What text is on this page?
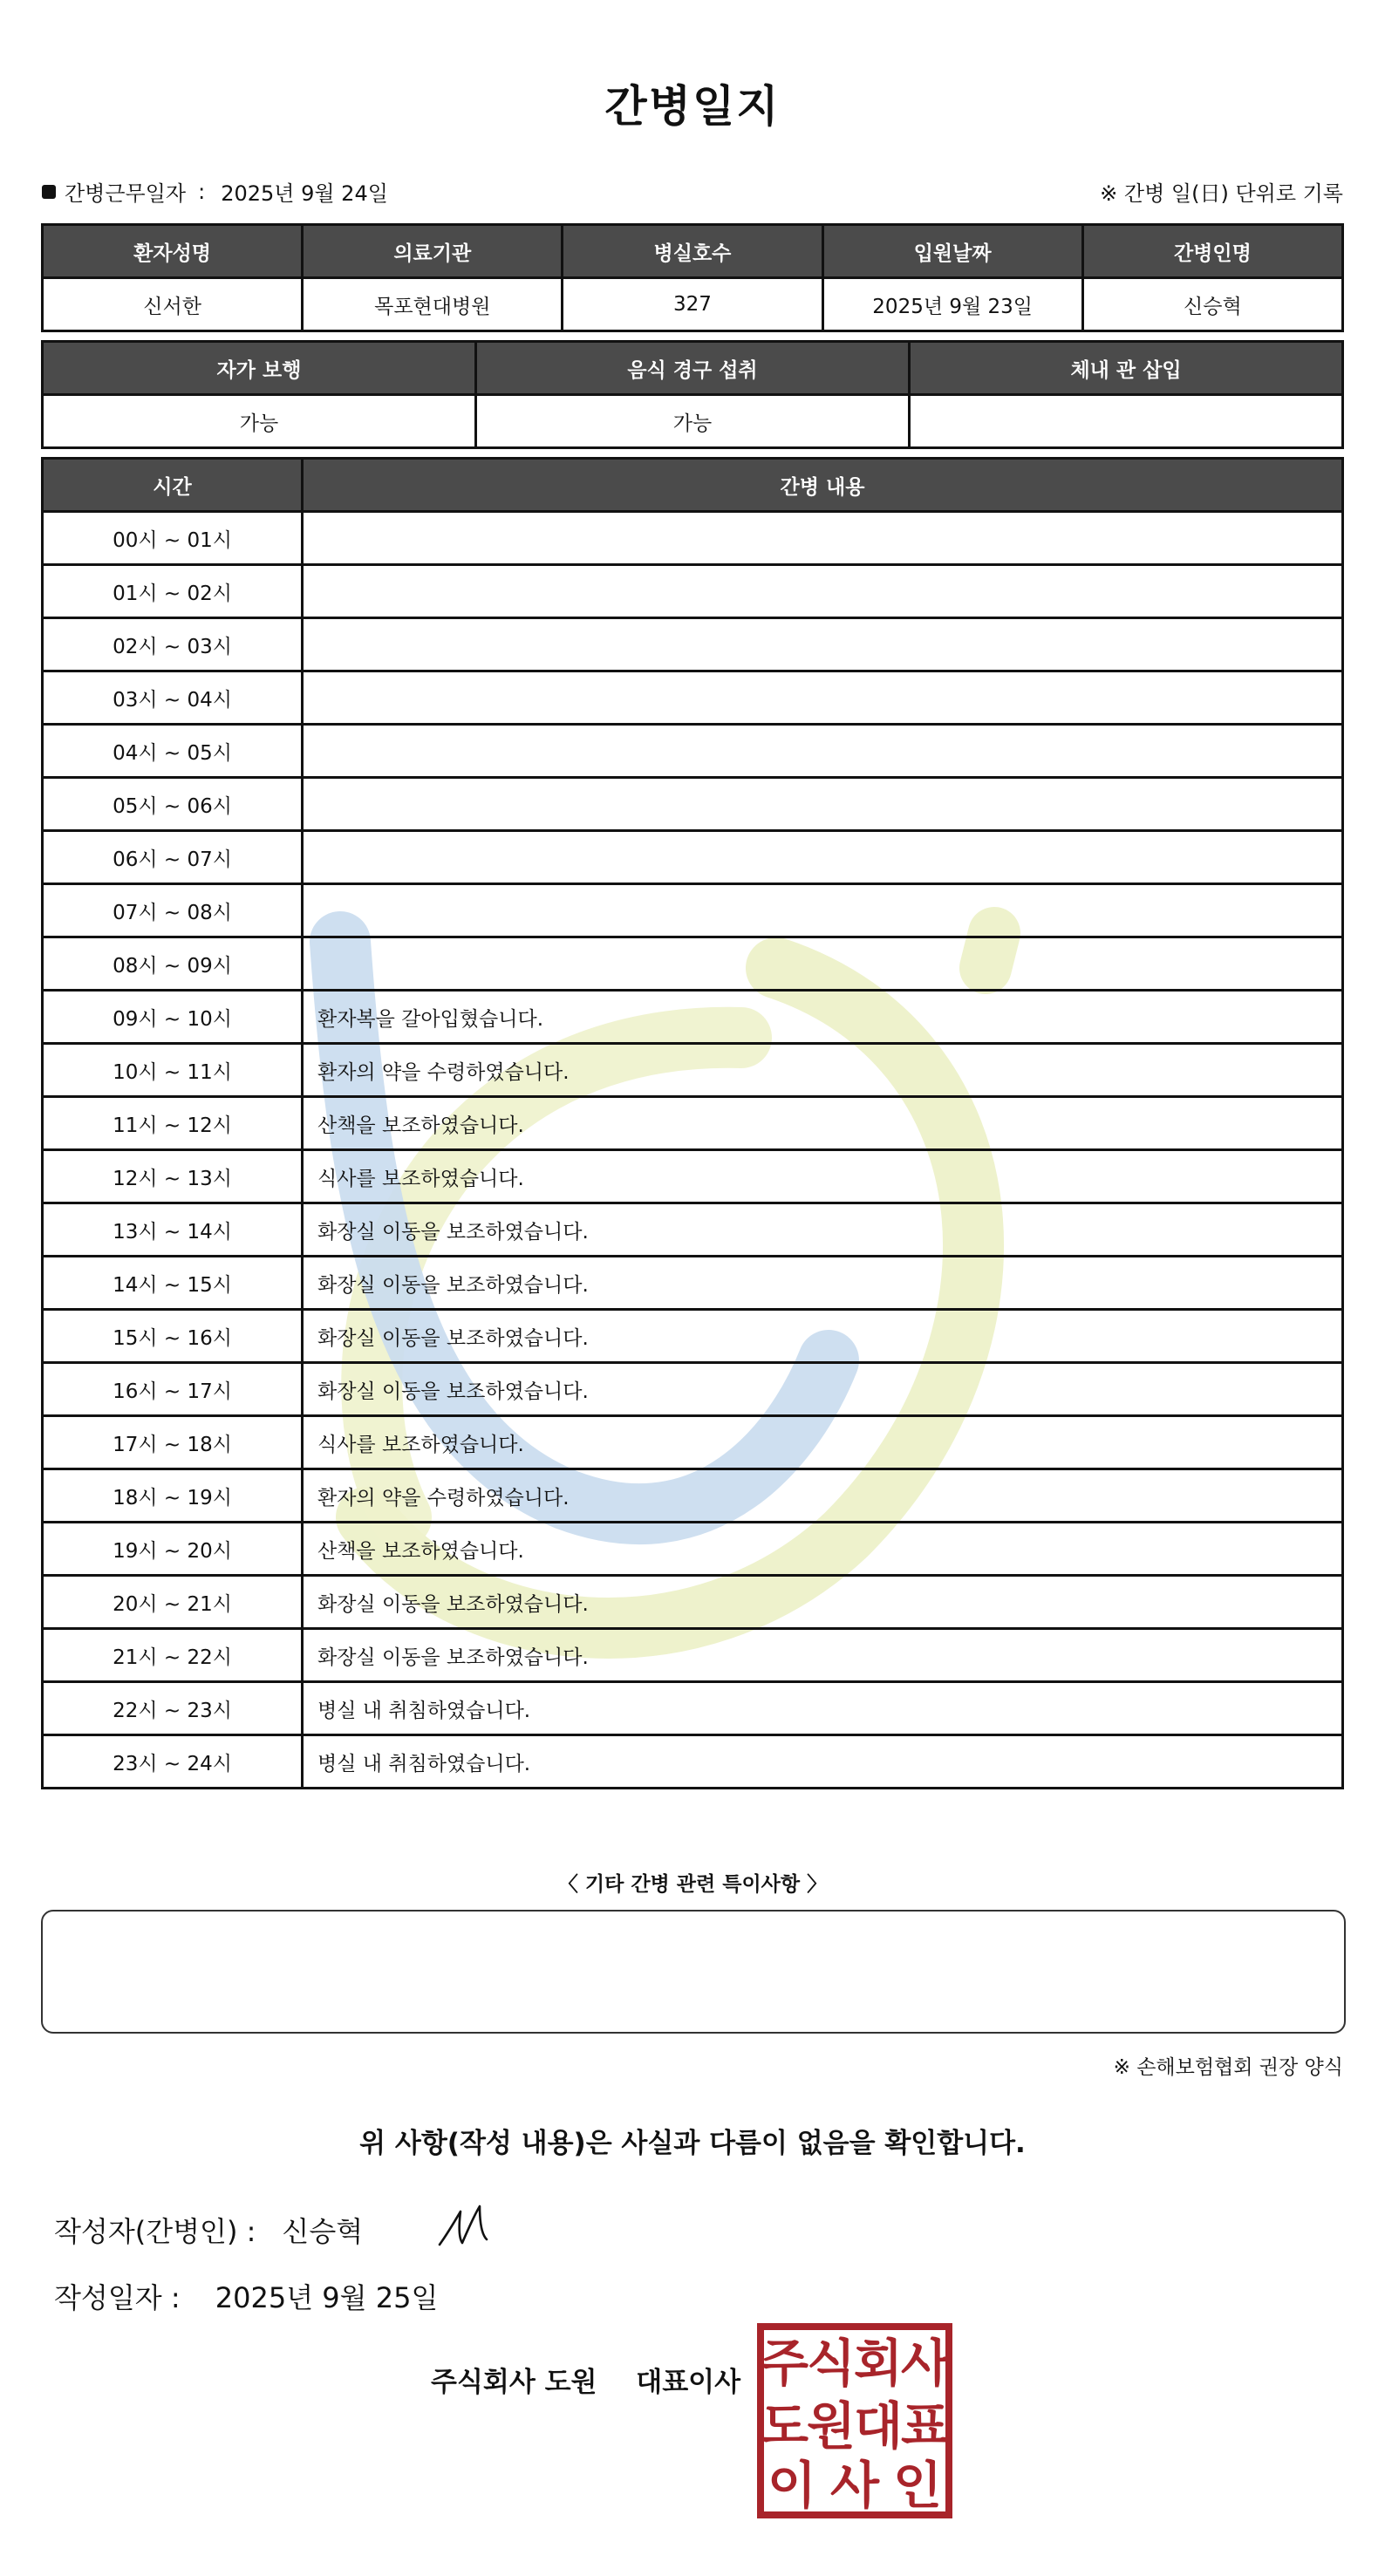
간병일지
간병근무일자 : 2025년 9월 24일	※ 간병 일(日) 단위로 기록
환자성명	의료기관	병실호수	입원날짜	간병인명
신서한	목포현대병원	327	2025년 9월 23일	신승혁
자가 보행	음식 경구 섭취	체내 관 삽입
가능	가능	
시간	간병 내용
00시 ~ 01시	
01시 ~ 02시	
02시 ~ 03시	
03시 ~ 04시	
04시 ~ 05시	
05시 ~ 06시	
06시 ~ 07시	
07시 ~ 08시	
08시 ~ 09시	
09시 ~ 10시	환자복을 갈아입혔습니다.
10시 ~ 11시	환자의 약을 수령하였습니다.
11시 ~ 12시	산책을 보조하였습니다.
12시 ~ 13시	식사를 보조하였습니다.
13시 ~ 14시	화장실 이동을 보조하였습니다.
14시 ~ 15시	화장실 이동을 보조하였습니다.
15시 ~ 16시	화장실 이동을 보조하였습니다.
16시 ~ 17시	화장실 이동을 보조하였습니다.
17시 ~ 18시	식사를 보조하였습니다.
18시 ~ 19시	환자의 약을 수령하였습니다.
19시 ~ 20시	산책을 보조하였습니다.
20시 ~ 21시	화장실 이동을 보조하였습니다.
21시 ~ 22시	화장실 이동을 보조하였습니다.
22시 ~ 23시	병실 내 취침하였습니다.
23시 ~ 24시	병실 내 취침하였습니다.
〈 기타 간병 관련 특이사항 〉
※ 손해보험협회 권장 양식
위 사항(작성 내용)은 사실과 다름이 없음을 확인합니다.
작성자(간병인) : 신승혁
작성일자 : 2025년 9월 25일
주식회사 도원 대표이사 주
식
회
사
도
원
대
표
이 사 인
